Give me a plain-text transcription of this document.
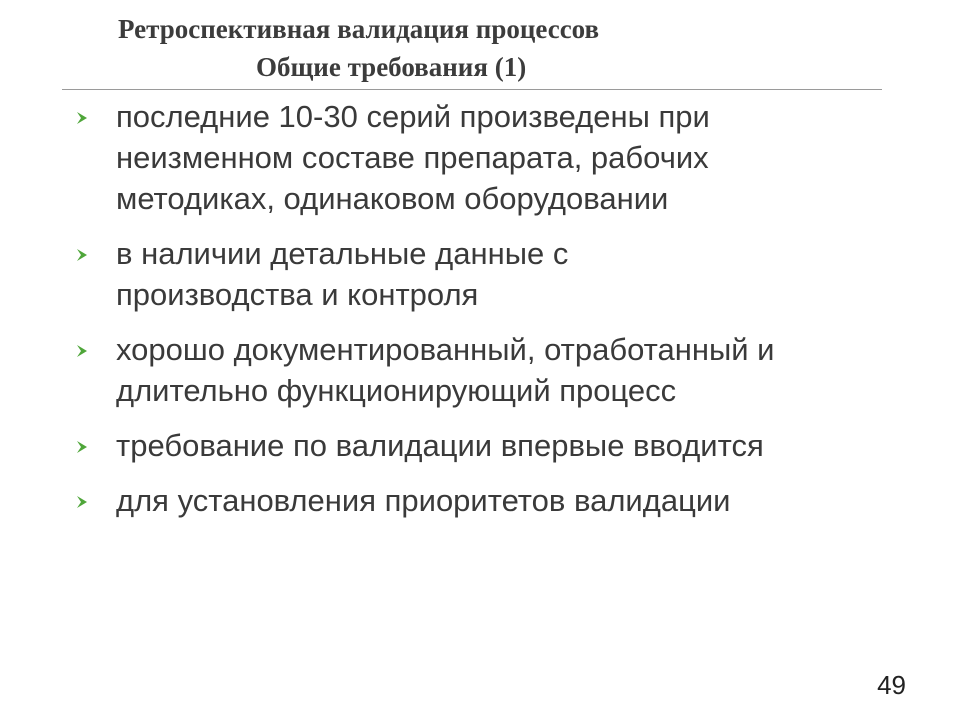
Ретроспективная валидация процессов
Общие требования (1)
последние 10-30 серий произведены при неизменном составе препарата, рабочих методиках, одинаковом оборудовании
в наличии детальные данные с производства и контроля
хорошо документированный, отработанный и длительно функционирующий процесс
требование по валидации впервые вводится
для установления приоритетов валидации
49
